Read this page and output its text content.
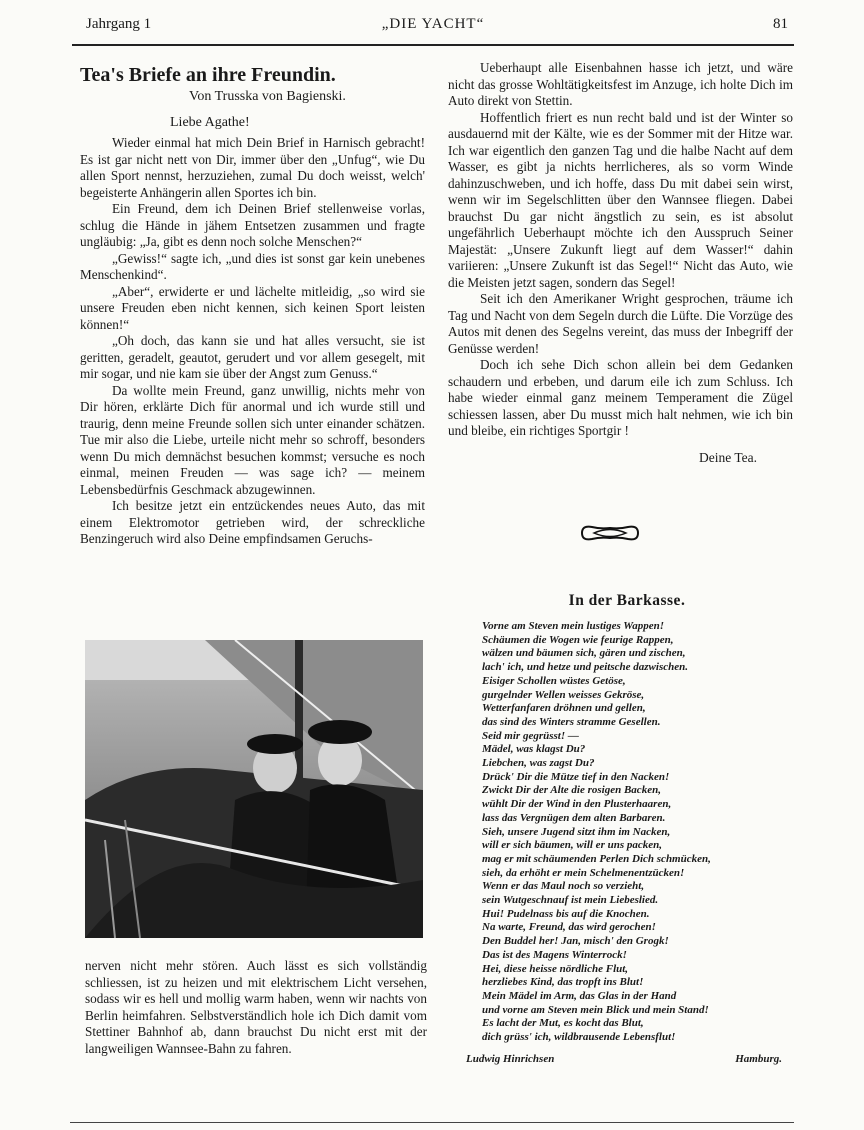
Jahrgang 1	„DIE YACHT“	81
Tea's Briefe an ihre Freundin.
Von Trusska von Bagienski.
Liebe Agathe!

Wieder einmal hat mich Dein Brief in Harnisch gebracht! Es ist gar nicht nett von Dir, immer über den „Unfug“, wie Du allen Sport nennst, herzuziehen, zumal Du doch weisst, welch' begeisterte Anhängerin allen Sportes ich bin.

Ein Freund, dem ich Deinen Brief stellenweise vorlas, schlug die Hände in jähem Entsetzen zusammen und fragte ungläubig: „Ja, gibt es denn noch solche Menschen?“

„Gewiss!“ sagte ich, „und dies ist sonst gar kein unebenes Menschenkind“.

„Aber“, erwiderte er und lächelte mitleidig, „so wird sie unsere Freuden eben nicht kennen, sich keinen Sport leisten können!“

„Oh doch, das kann sie und hat alles versucht, sie ist geritten, geradelt, geautot, gerudert und vor allem gesegelt, mit mir sogar, und nie kam sie über der Angst zum Genuss.“

Da wollte mein Freund, ganz unwillig, nichts mehr von Dir hören, erklärte Dich für anormal und ich wurde still und traurig, denn meine Freunde sollen sich unter einander schätzen. Tue mir also die Liebe, urteile nicht mehr so schroff, besonders wenn Du mich demnächst besuchen kommst; versuche es noch einmal, meinen Freuden — was sage ich? — meinem Lebensbedürfnis Geschmack abzugewinnen.

Ich besitze jetzt ein entzückendes neues Auto, das mit einem Elektromotor getrieben wird, der schreckliche Benzingeruch wird also Deine empfindsamen Geruchs-

nerven nicht mehr stören. Auch lässt es sich vollständig schliessen, ist zu heizen und mit elektrischem Licht versehen, sodass wir es hell und mollig warm haben, wenn wir nachts von Berlin heimfahren. Selbstverständlich hole ich Dich damit vom Stettiner Bahnhof ab, dann brauchst Du nicht erst mit der langweiligen Wannsee-Bahn zu fahren.

Ueberhaupt alle Eisenbahnen hasse ich jetzt, und wäre nicht das grosse Wohltätigkeitsfest im Anzuge, ich holte Dich im Auto direkt von Stettin.

Hoffentlich friert es nun recht bald und ist der Winter so ausdauernd mit der Kälte, wie es der Sommer mit der Hitze war. Ich war eigentlich den ganzen Tag und die halbe Nacht auf dem Wasser, es gibt ja nichts herrlicheres, als so vorm Winde dahinzuschweben, und ich hoffe, dass Du mit dabei sein wirst, wenn wir im Segelschlitten über den Wannsee fliegen. Dabei brauchst Du gar nicht ängstlich zu sein, es ist absolut ungefährlich Ueberhaupt möchte ich den Ausspruch Seiner Majestät: „Unsere Zukunft liegt auf dem Wasser!“ dahin variieren: „Unsere Zukunft ist das Segel!“ Nicht das Auto, wie die Meisten jetzt sagen, sondern das Segel!

Seit ich den Amerikaner Wright gesprochen, träume ich Tag und Nacht von dem Segeln durch die Lüfte. Die Vorzüge des Autos mit denen des Segelns vereint, das muss der Inbegriff der Genüsse werden!

Doch ich sehe Dich schon allein bei dem Gedanken schaudern und erbeben, und darum eile ich zum Schluss. Ich habe wieder einmal ganz meinem Temperament die Zügel schiessen lassen, aber Du musst mich halt nehmen, wie ich bin und bleibe, ein richtiges Sportgir !

Deine Tea.
In der Barkasse.
Vorne am Steven mein lustiges Wappen!
Schäumen die Wogen wie feurige Rappen,
wälzen und bäumen sich, gären und zischen,
lach' ich, und hetze und peitsche dazwischen.
Eisiger Schollen wüstes Getöse,
gurgelnder Wellen weisses Gekröse,
Wetterfanfaren dröhnen und gellen,
das sind des Winters stramme Gesellen.
Seid mir gegrüsst! —
Mädel, was klagst Du?
Liebchen, was zagst Du?
Drück' Dir die Mütze tief in den Nacken!
Zwickt Dir der Alte die rosigen Backen,
wühlt Dir der Wind in den Plusterhaaren,
lass das Vergnügen dem alten Barbaren.
Sieh, unsere Jugend sitzt ihm im Nacken,
will er sich bäumen, will er uns packen,
mag er mit schäumenden Perlen Dich schmücken,
sieh, da erhöht er mein Schelmenentzücken!
Wenn er das Maul noch so verzieht,
sein Wutgeschnauf ist mein Liebeslied.
Hui! Pudelnass bis auf die Knochen.
Na warte, Freund, das wird gerochen!
Den Buddel her! Jan, misch' den Grogk!
Das ist des Magens Winterrock!
Hei, diese heisse nördliche Flut,
herzliebes Kind, das tropft ins Blut!
Mein Mädel im Arm, das Glas in der Hand
und vorne am Steven mein Blick und mein Stand!
Es lacht der Mut, es kocht das Blut,
dich grüss' ich, wildbrausende Lebensflut!
Ludwig Hinrichsen	Hamburg.
